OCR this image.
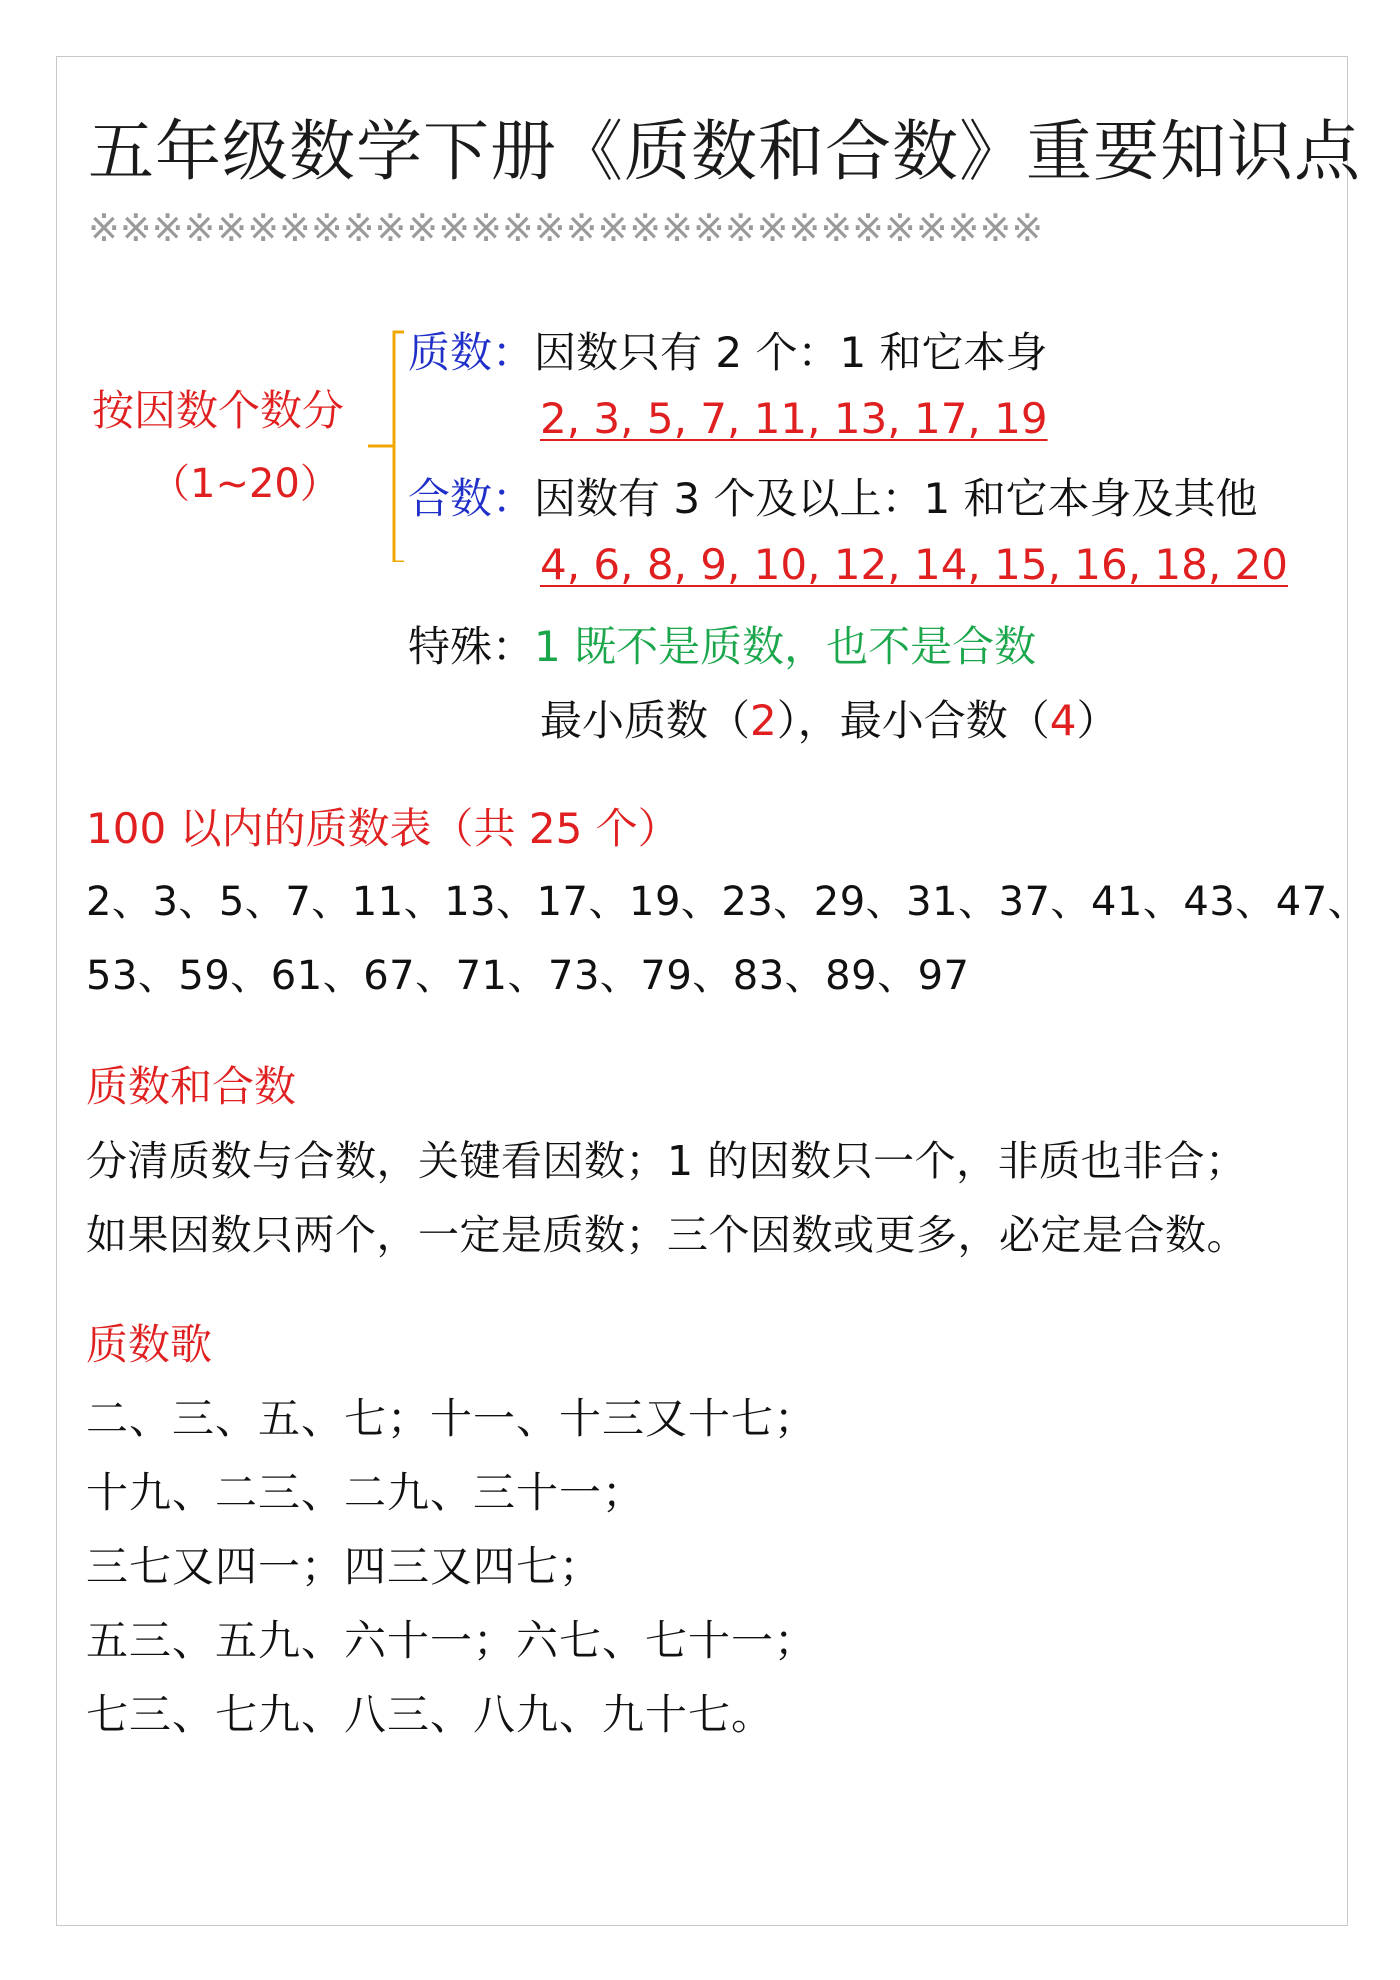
五年级数学下册《质数和合数》重要知识点
※※※※※※※※※※※※※※※※※※※※※※※※※※※※※※
按因数个数分
（1~20）
质数：因数只有 2 个：1 和它本身
2, 3, 5, 7, 11, 13, 17, 19
合数：因数有 3 个及以上：1 和它本身及其他
4, 6, 8, 9, 10, 12, 14, 15, 16, 18, 20
特殊：1 既不是质数，也不是合数
最小质数（2），最小合数（4）
100 以内的质数表（共 25 个）
2、3、5、7、11、13、17、19、23、29、31、37、41、43、47、
53、59、61、67、71、73、79、83、89、97
质数和合数
分清质数与合数，关键看因数；1 的因数只一个，非质也非合；
如果因数只两个，一定是质数；三个因数或更多，必定是合数。
质数歌
二、三、五、七；十一、十三又十七；
十九、二三、二九、三十一；
三七又四一；四三又四七；
五三、五九、六十一；六七、七十一；
七三、七九、八三、八九、九十七。
